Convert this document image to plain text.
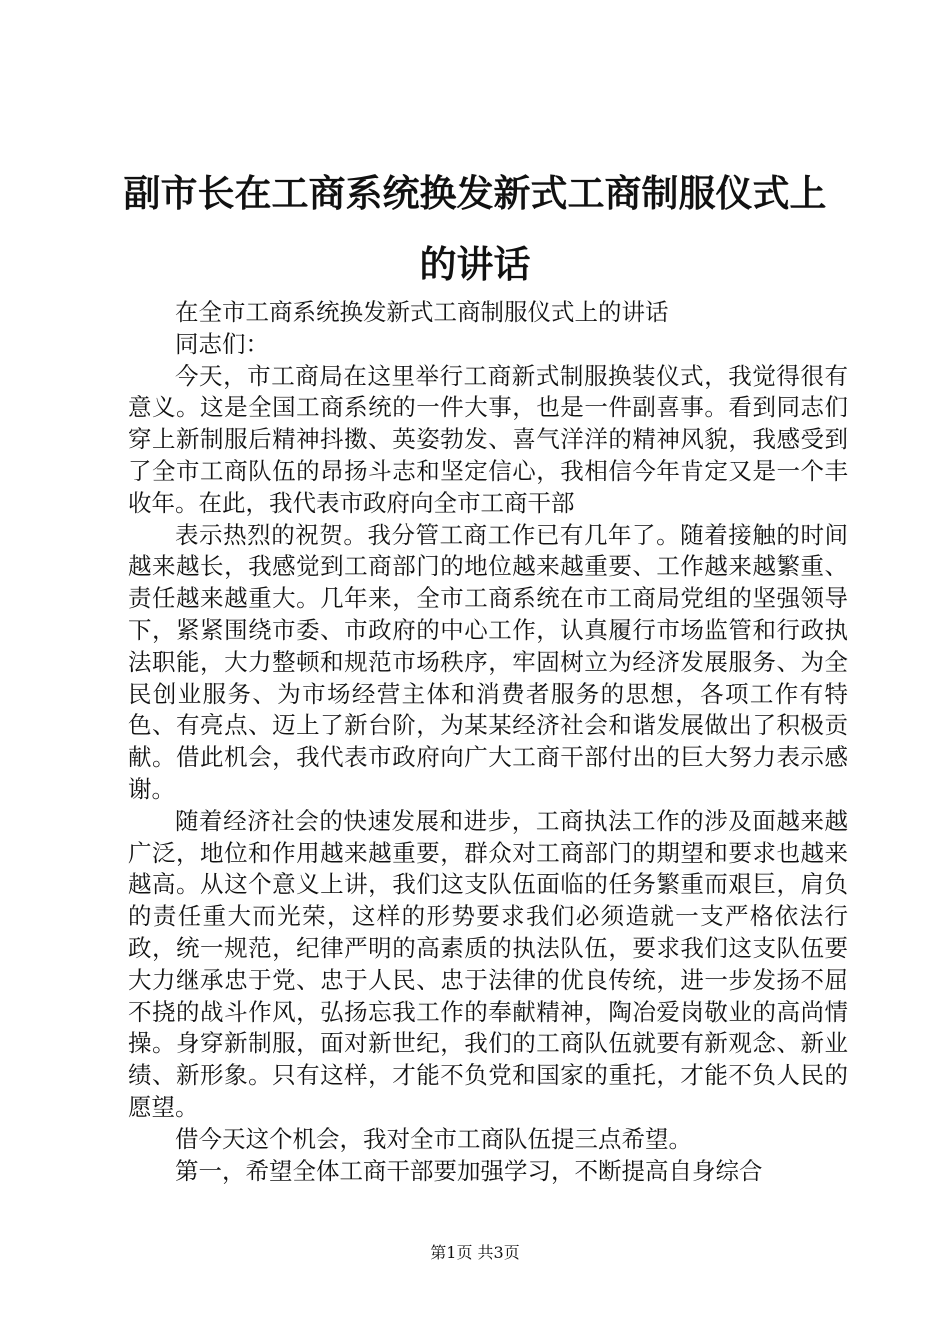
副市长在工商系统换发新式工商制服仪式上的讲话

在全市工商系统换发新式工商制服仪式上的讲话

同志们：

今天，市工商局在这里举行工商新式制服换装仪式，我觉得很有意义。这是全国工商系统的一件大事，也是一件副喜事。看到同志们穿上新制服后精神抖擞、英姿勃发、喜气洋洋的精神风貌，我感受到了全市工商队伍的昂扬斗志和坚定信心，我相信今年肯定又是一个丰收年。在此，我代表市政府向全市工商干部

表示热烈的祝贺。我分管工商工作已有几年了。随着接触的时间越来越长，我感觉到工商部门的地位越来越重要、工作越来越繁重、责任越来越重大。几年来，全市工商系统在市工商局党组的坚强领导下，紧紧围绕市委、市政府的中心工作，认真履行市场监管和行政执法职能，大力整顿和规范市场秩序，牢固树立为经济发展服务、为全民创业服务、为市场经营主体和消费者服务的思想，各项工作有特色、有亮点、迈上了新台阶，为某某经济社会和谐发展做出了积极贡献。借此机会，我代表市政府向广大工商干部付出的巨大努力表示感谢。

随着经济社会的快速发展和进步，工商执法工作的涉及面越来越广泛，地位和作用越来越重要，群众对工商部门的期望和要求也越来越高。从这个意义上讲，我们这支队伍面临的任务繁重而艰巨，肩负的责任重大而光荣，这样的形势要求我们必须造就一支严格依法行政，统一规范，纪律严明的高素质的执法队伍，要求我们这支队伍要大力继承忠于党、忠于人民、忠于法律的优良传统，进一步发扬不屈不挠的战斗作风，弘扬忘我工作的奉献精神，陶冶爱岗敬业的高尚情操。身穿新制服，面对新世纪，我们的工商队伍就要有新观念、新业绩、新形象。只有这样，才能不负党和国家的重托，才能不负人民的愿望。

借今天这个机会，我对全市工商队伍提三点希望。

第一，希望全体工商干部要加强学习，不断提高自身综合

第1页 共3页
